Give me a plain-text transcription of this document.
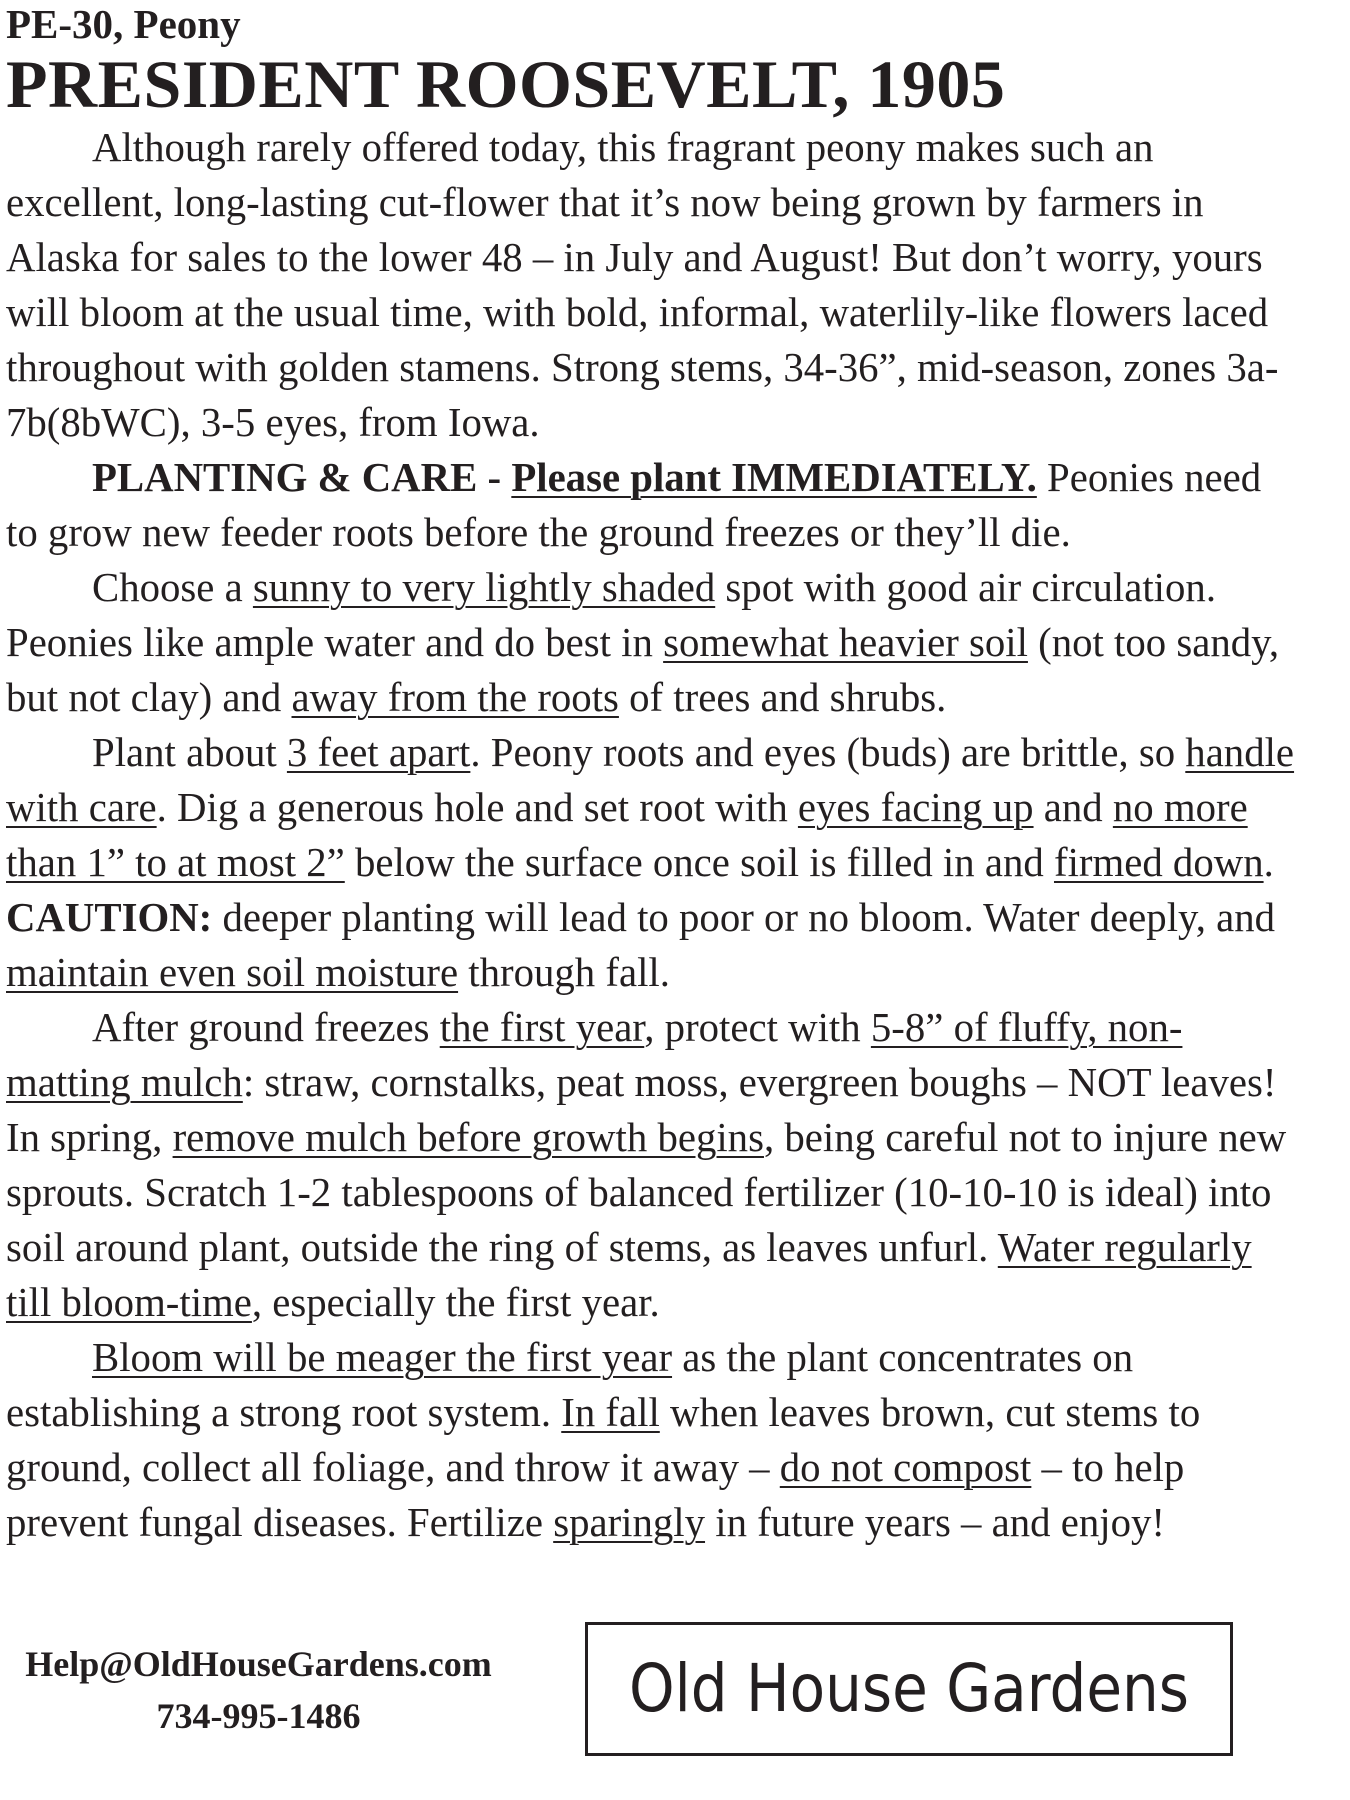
PE-30, Peony

PRESIDENT ROOSEVELT, 1905

Although rarely offered today, this fragrant peony makes such an excellent, long-lasting cut-flower that it’s now being grown by farmers in Alaska for sales to the lower 48 – in July and August! But don’t worry, yours will bloom at the usual time, with bold, informal, waterlily-like flowers laced throughout with golden stamens. Strong stems, 34-36”, mid-season, zones 3a-7b(8bWC), 3-5 eyes, from Iowa.

PLANTING & CARE - Please plant IMMEDIATELY. Peonies need to grow new feeder roots before the ground freezes or they’ll die.

Choose a sunny to very lightly shaded spot with good air circulation. Peonies like ample water and do best in somewhat heavier soil (not too sandy, but not clay) and away from the roots of trees and shrubs.

Plant about 3 feet apart. Peony roots and eyes (buds) are brittle, so handle with care. Dig a generous hole and set root with eyes facing up and no more than 1” to at most 2” below the surface once soil is filled in and firmed down. CAUTION: deeper planting will lead to poor or no bloom. Water deeply, and maintain even soil moisture through fall.

After ground freezes the first year, protect with 5-8” of fluffy, non-matting mulch: straw, cornstalks, peat moss, evergreen boughs – NOT leaves! In spring, remove mulch before growth begins, being careful not to injure new sprouts. Scratch 1-2 tablespoons of balanced fertilizer (10-10-10 is ideal) into soil around plant, outside the ring of stems, as leaves unfurl. Water regularly till bloom-time, especially the first year.

Bloom will be meager the first year as the plant concentrates on establishing a strong root system. In fall when leaves brown, cut stems to ground, collect all foliage, and throw it away – do not compost – to help prevent fungal diseases. Fertilize sparingly in future years – and enjoy!

Help@OldHouseGardens.com
734-995-1486	Old House Gardens
